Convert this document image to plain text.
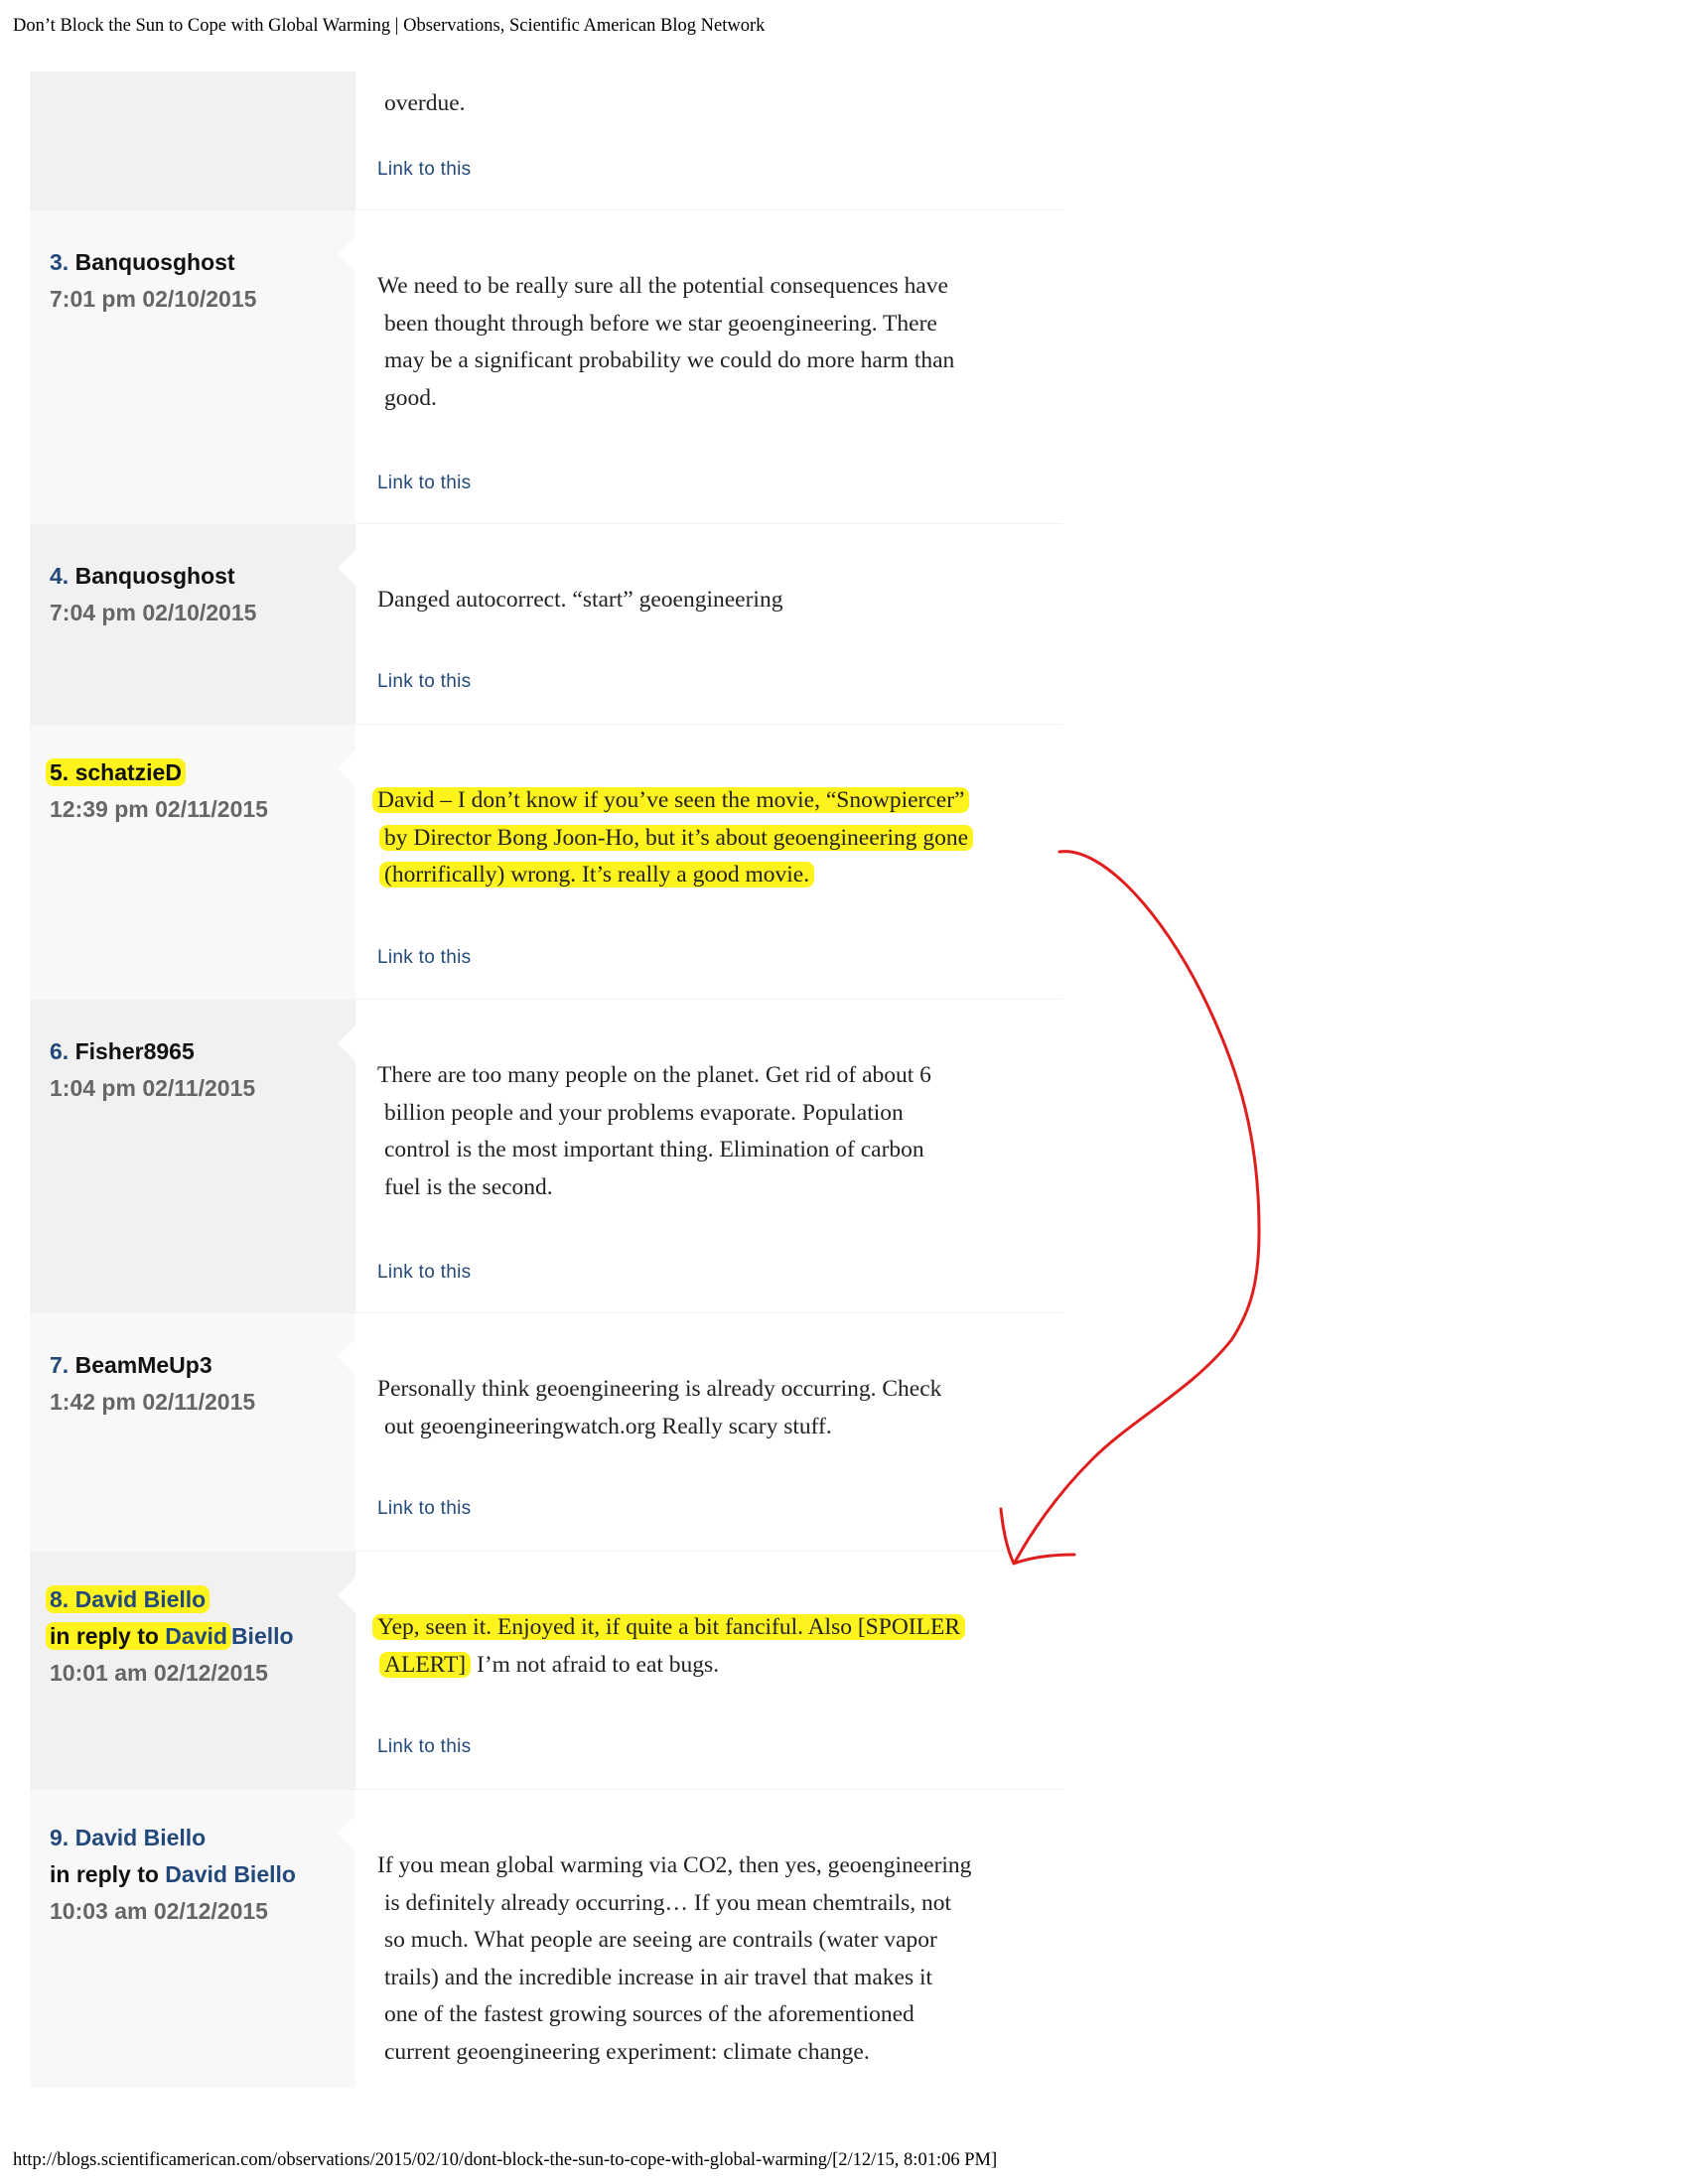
Don’t Block the Sun to Cope with Global Warming | Observations, Scientific American Blog Network
overdue.
Link to this
3. Banquosghost
7:01 pm 02/10/2015	We need to be really sure all the potential consequences have
been thought through before we star geoengineering. There
may be a significant probability we could do more harm than
good.
Link to this
4. Banquosghost
7:04 pm 02/10/2015	Danged autocorrect. “start” geoengineering
Link to this
5. schatzieD
12:39 pm 02/11/2015	David – I don’t know if you’ve seen the movie, “Snowpiercer”
by Director Bong Joon-Ho, but it’s about geoengineering gone
(horrifically) wrong. It’s really a good movie.
Link to this
6. Fisher8965
1:04 pm 02/11/2015	There are too many people on the planet. Get rid of about 6
billion people and your problems evaporate. Population
control is the most important thing. Elimination of carbon
fuel is the second.
Link to this
7. BeamMeUp3
1:42 pm 02/11/2015	Personally think geoengineering is already occurring. Check
out geoengineeringwatch.org Really scary stuff.
Link to this
8. David Biello
in reply to David Biello
10:01 am 02/12/2015
Yep, seen it. Enjoyed it, if quite a bit fanciful. Also [SPOILER
ALERT] I’m not afraid to eat bugs.
Link to this
9. David Biello
in reply to David Biello
10:03 am 02/12/2015
If you mean global warming via CO2, then yes, geoengineering
is definitely already occurring… If you mean chemtrails, not
so much. What people are seeing are contrails (water vapor
trails) and the incredible increase in air travel that makes it
one of the fastest growing sources of the aforementioned
current geoengineering experiment: climate change.
http://blogs.scientificamerican.com/observations/2015/02/10/dont-block-the-sun-to-cope-with-global-warming/[2/12/15, 8:01:06 PM]
